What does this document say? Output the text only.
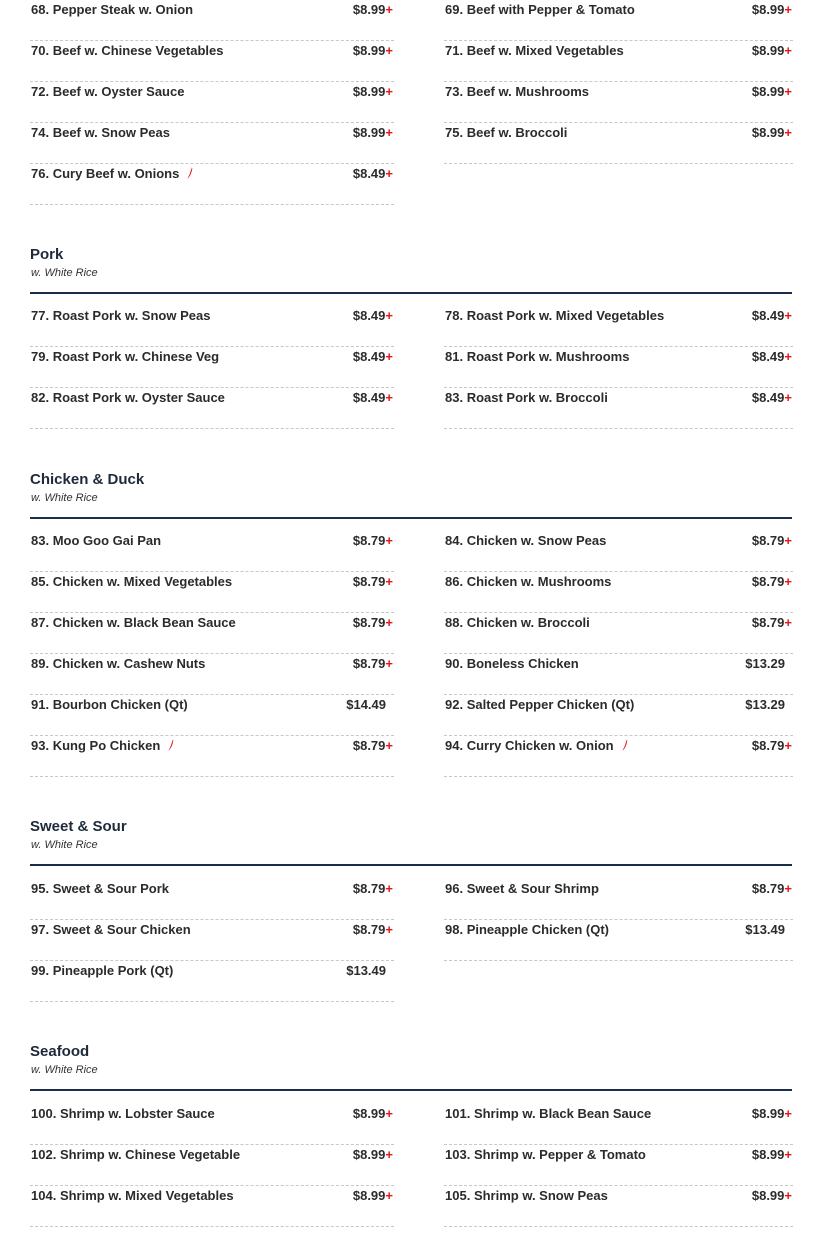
68. Pepper Steak w. Onion	$8.99+	69. Beef with Pepper & Tomato	$8.99+
70. Beef w. Chinese Vegetables	$8.99+	71. Beef w. Mixed Vegetables	$8.99+
72. Beef w. Oyster Sauce	$8.99+	73. Beef w. Mushrooms	$8.99+
74. Beef w. Snow Peas	$8.99+	75. Beef w. Broccoli	$8.99+
76. Cury Beef w. Onions	$8.49+
Pork
w. White Rice
77. Roast Pork w. Snow Peas	$8.49+	78. Roast Pork w. Mixed Vegetables	$8.49+
79. Roast Pork w. Chinese Veg	$8.49+	81. Roast Pork w. Mushrooms	$8.49+
82. Roast Pork w. Oyster Sauce	$8.49+	83. Roast Pork w. Broccoli	$8.49+
Chicken & Duck
w. White Rice
83. Moo Goo Gai Pan	$8.79+	84. Chicken w. Snow Peas	$8.79+
85. Chicken w. Mixed Vegetables	$8.79+	86. Chicken w. Mushrooms	$8.79+
87. Chicken w. Black Bean Sauce	$8.79+	88. Chicken w. Broccoli	$8.79+
89. Chicken w. Cashew Nuts	$8.79+	90. Boneless Chicken	$13.29
91. Bourbon Chicken (Qt)	$14.49	92. Salted Pepper Chicken (Qt)	$13.29
93. Kung Po Chicken	$8.79+	94. Curry Chicken w. Onion	$8.79+
Sweet & Sour
w. White Rice
95. Sweet & Sour Pork	$8.79+	96. Sweet & Sour Shrimp	$8.79+
97. Sweet & Sour Chicken	$8.79+	98. Pineapple Chicken (Qt)	$13.49
99. Pineapple Pork (Qt)	$13.49
Seafood
w. White Rice
100. Shrimp w. Lobster Sauce	$8.99+	101. Shrimp w. Black Bean Sauce	$8.99+
102. Shrimp w. Chinese Vegetable	$8.99+	103. Shrimp w. Pepper & Tomato	$8.99+
104. Shrimp w. Mixed Vegetables	$8.99+	105. Shrimp w. Snow Peas	$8.99+
